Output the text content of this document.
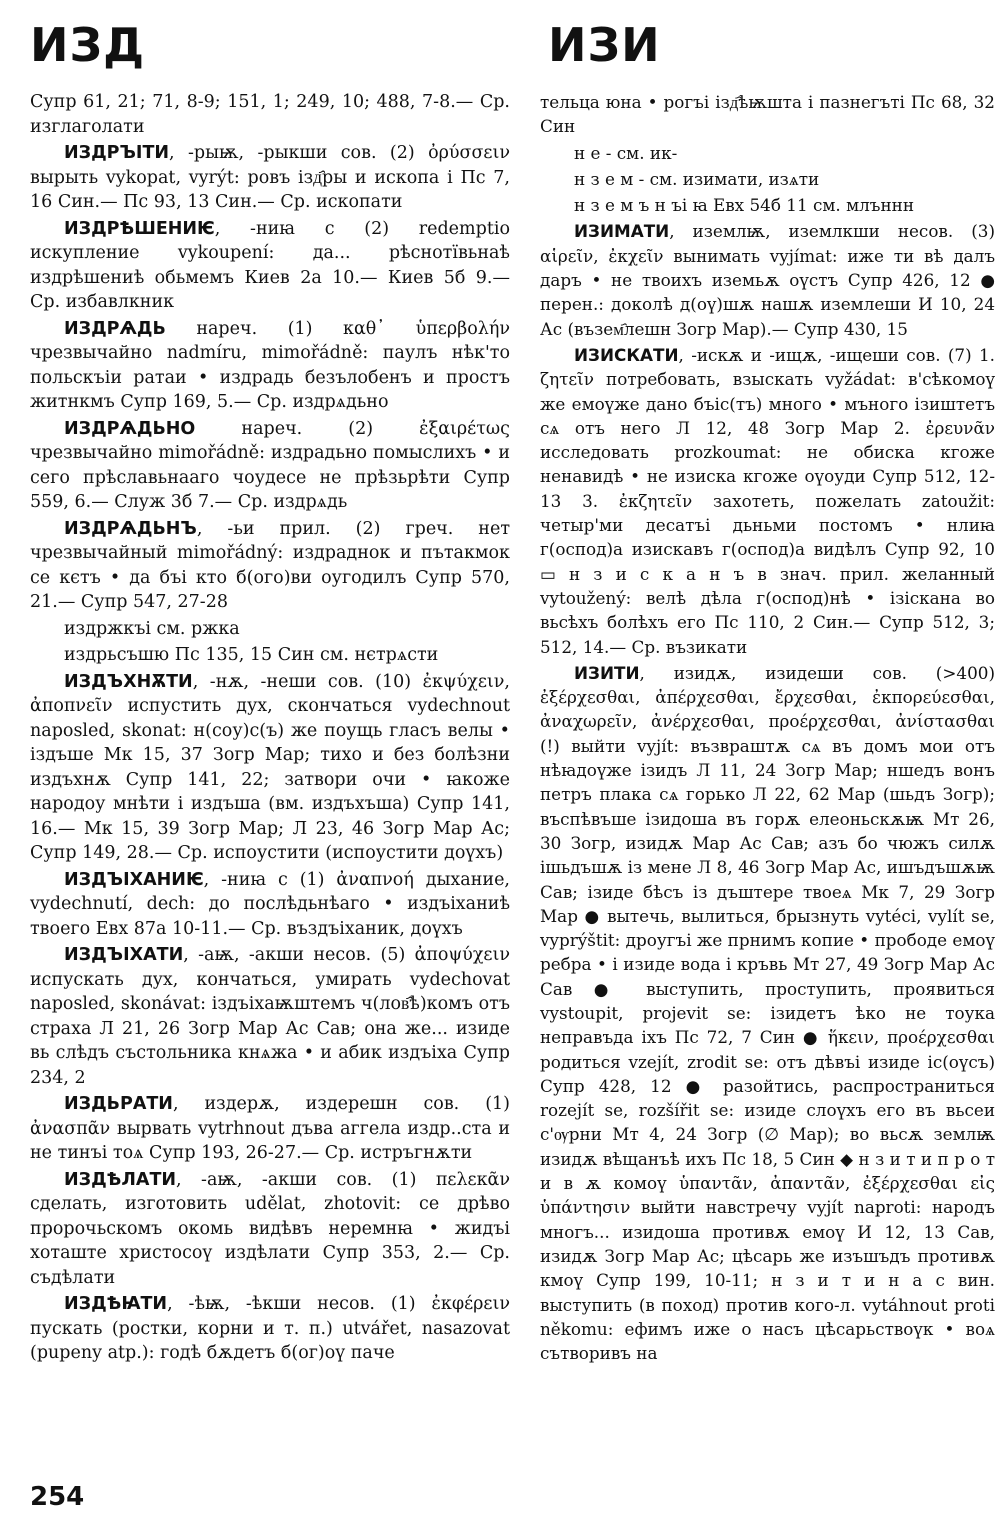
ИЗД	ИЗИ

Супр 61, 21; 71, 8-9; 151, 1; 249, 10; 488, 7-8.— Ср. изглаголати

ИЗДРЪІТИ, -рыѭ, -рыкши сов. (2) ὀρύσσειν вырыть vykopat, vyrýt: ровъ ізд҄ры и ископа і Пс 7, 16 Син.— Пс 93, 13 Син.— Ср. ископати

ИЗДРѢШЕНИѤ, -ниꙗ с (2) redemptio искупление vykoupení: да... рѣснотївьнаѣ издрѣшениѣ обьмемъ Киев 2а 10.— Киев 5б 9.— Ср. избавлкник

ИЗДРѦДЬ нареч. (1) καθ᾽ ὑπερβολήν чрезвычайно nadmíru, mimořádně: паулъ нѣк'то польскъіи ратаи • издрадь безълобенъ и простъ житнкмъ Супр 169, 5.— Ср. издрѧдьно

ИЗДРѦДЬНО нареч. (2) ἐξαιρέτως чрезвычайно mimořádně: издрадьно помыслихъ • и сего прѣславьнааго чоудесе не прѣзьрѣти Супр 559, 6.— Служ 3б 7.— Ср. издрѧдь

ИЗДРѦДЬНЪ, -ьи прил. (2) греч. нет чрезвычайный mimořádný: издраднок и пътакмок се кєтъ • да бъі кто б(ого)ви оугодилъ Супр 570, 21.— Супр 547, 27-28

издржкъі см. ржка

издрьсъшю Пс 135, 15 Син см. нєтрѧсти

ИЗДЪХНѪТИ, -нѫ, -неши сов. (10) ἐκψύχειν, ἀποπνεῖν испустить дух, скончаться vydechnout naposled, skonat: н(соу)с(ъ) же поущь гласъ велы • іздъше Мк 15, 37 Зогр Мар; тихо и без болѣзни издъхнѫ Супр 141, 22; затвори очи • ꙗкоже народоу мнѣти і издъша (вм. издъхъша) Супр 141, 16.— Мк 15, 39 Зогр Мар; Л 23, 46 Зогр Мар Ас; Супр 149, 28.— Ср. испоустити (испоустити доүхъ)

ИЗДЪІХАНИѤ, -ниꙗ с (1) ἀναπνοή дыхание, vydechnutí, dech: до послѣдьнѣаго • издъіханиѣ твоего Евх 87а 10-11.— Ср. въздъіханик, доүхъ

ИЗДЪІХАТИ, -аѭ, -акши несов. (5) ἀποψύχειν испускать дух, кончаться, умирать vydechovat naposled, skonávat: іздъіхаѭштемъ ч(лов҄ѣ)комъ отъ страха Л 21, 26 Зогр Мар Ас Сав; она же... изиде вь слѣдъ състольника кнѧжа • и абик издъіха Супр 234, 2

ИЗДЬРАТИ, издерѫ, издерешн сов. (1) ἀνασπᾶν вырвать vytrhnout дъва аггела издр..ста и не тинъі тоѧ Супр 193, 26-27.— Ср. истръгнѫти

ИЗДѢЛАТИ, -аѭ, -акши сов. (1) πελεκᾶν сделать, изготовить udělat, zhotovit: се дрѣво пророчьскомъ окомь видѣвъ неремнꙗ • жидъі хоташте христосоү издѣлати Супр 353, 2.— Ср. съдѣлати

ИЗДѢꙖТИ, -ѣѭ, -ѣкши несов. (1) ἐκφέρειν пускать (ростки, корни и т. п.) utvářet, nasazovat (pupeny atp.): годѣ бѫдетъ б(ог)оү паче

тельца юна • рогъі ізд҄ѣѭшта і пазнегъті Пс 68, 32 Син

н е - см. ик-

н з е м - см. изимати, изѧти

н з е м ъ н ъі ꙗ Евх 54б 11 см. млъннн

ИЗИМАТИ, иземлѭ, иземлкши несов. (3) αἱρεῖν, ἐκχεῖν вынимать vyjímat: иже ти вѣ далъ даръ • не твоихъ иземьѫ оүстъ Супр 426, 12 ● перен.: доколѣ д(оү)шѫ нашѫ иземлеши И 10, 24 Ас (възем҄лешн Зогр Мар).— Супр 430, 15

ИЗИСКАТИ, -искѫ и -ищѫ, -ищеши сов. (7) 1. ζητεῖν потребовать, взыскать vyžádat: в'сѣкомоү же емоүже дано бъіс(тъ) много • мъного ізиштетъ сѧ отъ него Л 12, 48 Зогр Мар 2. ἐρευνᾶν исследовать prozkoumat: не обиска кгоже ненавидѣ • не изиска кгоже оүоуди Супр 512, 12-13 3. ἐκζητεῖν захотеть, пожелать zatoužit: четыр'ми десатъі дьньми постомъ • нлиꙗ г(оспод)а изискавъ г(оспод)а видѣлъ Супр 92, 10 ▭ н з и с к а н ъ в знач. прил. желанный vytoužený: велѣ дѣла г(оспод)нѣ • ізіскана во вьсѣхъ болѣхъ его Пс 110, 2 Син.— Супр 512, 3; 512, 14.— Ср. възикати

ИЗИТИ, изидѫ, изидеши сов. (>400) ἐξέρχεσθαι, ἀπέρχεσθαι, ἔρχεσθαι, ἐκπορεύεσθαι, ἀναχωρεῖν, ἀνέρχεσθαι, προέρχεσθαι, ἀνίστασθαι (!) выйти vyjít: възвраштѫ сѧ въ домъ мои отъ нѣꙗдоүже ізидъ Л 11, 24 Зогр Мар; ншедъ вонъ петръ плака сѧ горько Л 22, 62 Мар (шьдъ Зогр); въспѣвъше ізидоша въ горѫ елеоньскѫѭ Мт 26, 30 Зогр, изидѫ Мар Ас Сав; азъ бо чюжъ силѫ ішьдъшѫ із мене Л 8, 46 Зогр Мар Ас, ишъдъшѫѭ Сав; ізиде бѣсъ із дъштере твоеѧ Мк 7, 29 Зогр Мар ● вытечь, вылиться, брызнуть vytéci, vylít se, vyprýštit: дроугъі же прнимъ копие • прободе емоү ребра • і изиде вода і кръвь Мт 27, 49 Зогр Мар Ас Сав ● выступить, проступить, проявиться vystoupit, projevit se: ізидетъ ѣко не тоука неправъда іхъ Пс 72, 7 Син ● ἥκειν, προέρχεσθαι родиться vzejít, zrodit se: отъ дѣвъі изиде іс(оүсъ) Супр 428, 12 ● разойтись, распространиться rozejít se, rozšířit se: изиде слоүхъ его въ вьсеи с'ѹрни Мт 4, 24 Зогр (∅ Мар); во вьсѫ землѭ изидѫ вѣщанъѣ ихъ Пс 18, 5 Син ◆ н з и т и п р о т и в ѫ комоү ὑπαντᾶν, ἀπαντᾶν, ἐξέρχεσθαι εἰς ὑπάντησιν выйти навстречу vyjít naproti: народъ многъ... изидоша противѫ емоү И 12, 13 Сав, изидѫ Зогр Мар Ас; цѣсарь же изъшъдъ противѫ кмоү Супр 199, 10-11; н з и т и н а с вин. выступить (в поход) против кого-л. vytáhnout proti někomu: ефимъ иже о насъ цѣсарьствоүк • воѧ сътворивъ на

254
